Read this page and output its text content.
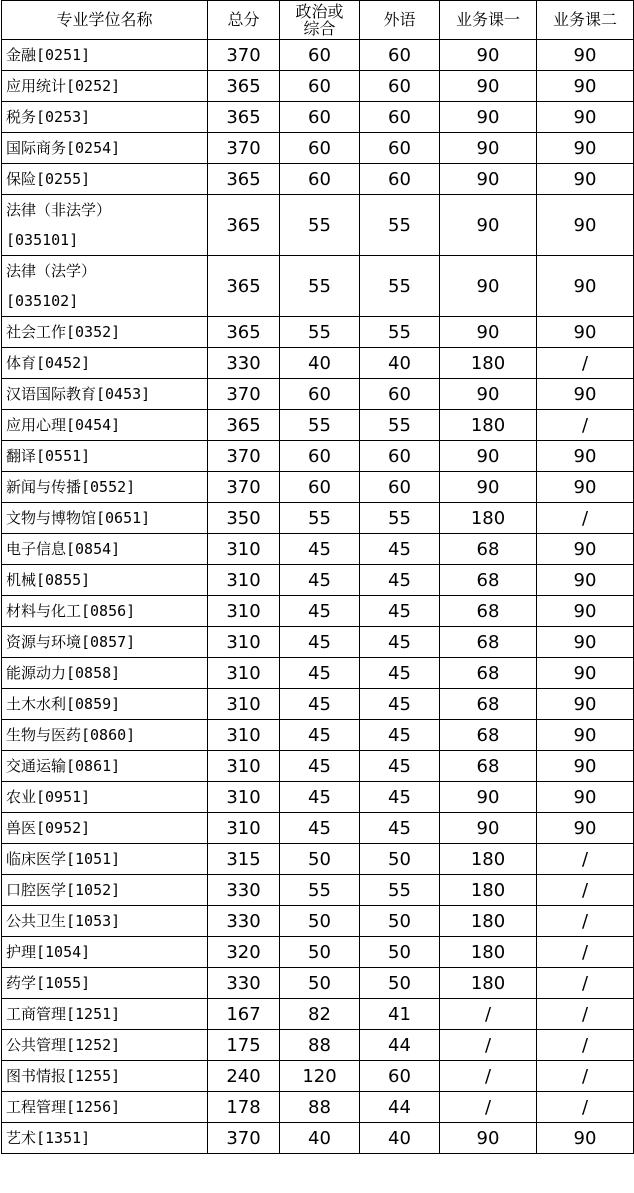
专业学位名称	总分	政治或
综合	外语	业务课一	业务课二
金融[0251]	370	60	60	90	90
应用统计[0252]	365	60	60	90	90
税务[0253]	365	60	60	90	90
国际商务[0254]	370	60	60	90	90
保险[0255]	365	60	60	90	90
法律（非法学）
[035101]	365	55	55	90	90
法律（法学）
[035102]	365	55	55	90	90
社会工作[0352]	365	55	55	90	90
体育[0452]	330	40	40	180	/
汉语国际教育[0453]	370	60	60	90	90
应用心理[0454]	365	55	55	180	/
翻译[0551]	370	60	60	90	90
新闻与传播[0552]	370	60	60	90	90
文物与博物馆[0651]	350	55	55	180	/
电子信息[0854]	310	45	45	68	90
机械[0855]	310	45	45	68	90
材料与化工[0856]	310	45	45	68	90
资源与环境[0857]	310	45	45	68	90
能源动力[0858]	310	45	45	68	90
土木水利[0859]	310	45	45	68	90
生物与医药[0860]	310	45	45	68	90
交通运输[0861]	310	45	45	68	90
农业[0951]	310	45	45	90	90
兽医[0952]	310	45	45	90	90
临床医学[1051]	315	50	50	180	/
口腔医学[1052]	330	55	55	180	/
公共卫生[1053]	330	50	50	180	/
护理[1054]	320	50	50	180	/
药学[1055]	330	50	50	180	/
工商管理[1251]	167	82	41	/	/
公共管理[1252]	175	88	44	/	/
图书情报[1255]	240	120	60	/	/
工程管理[1256]	178	88	44	/	/
艺术[1351]	370	40	40	90	90
